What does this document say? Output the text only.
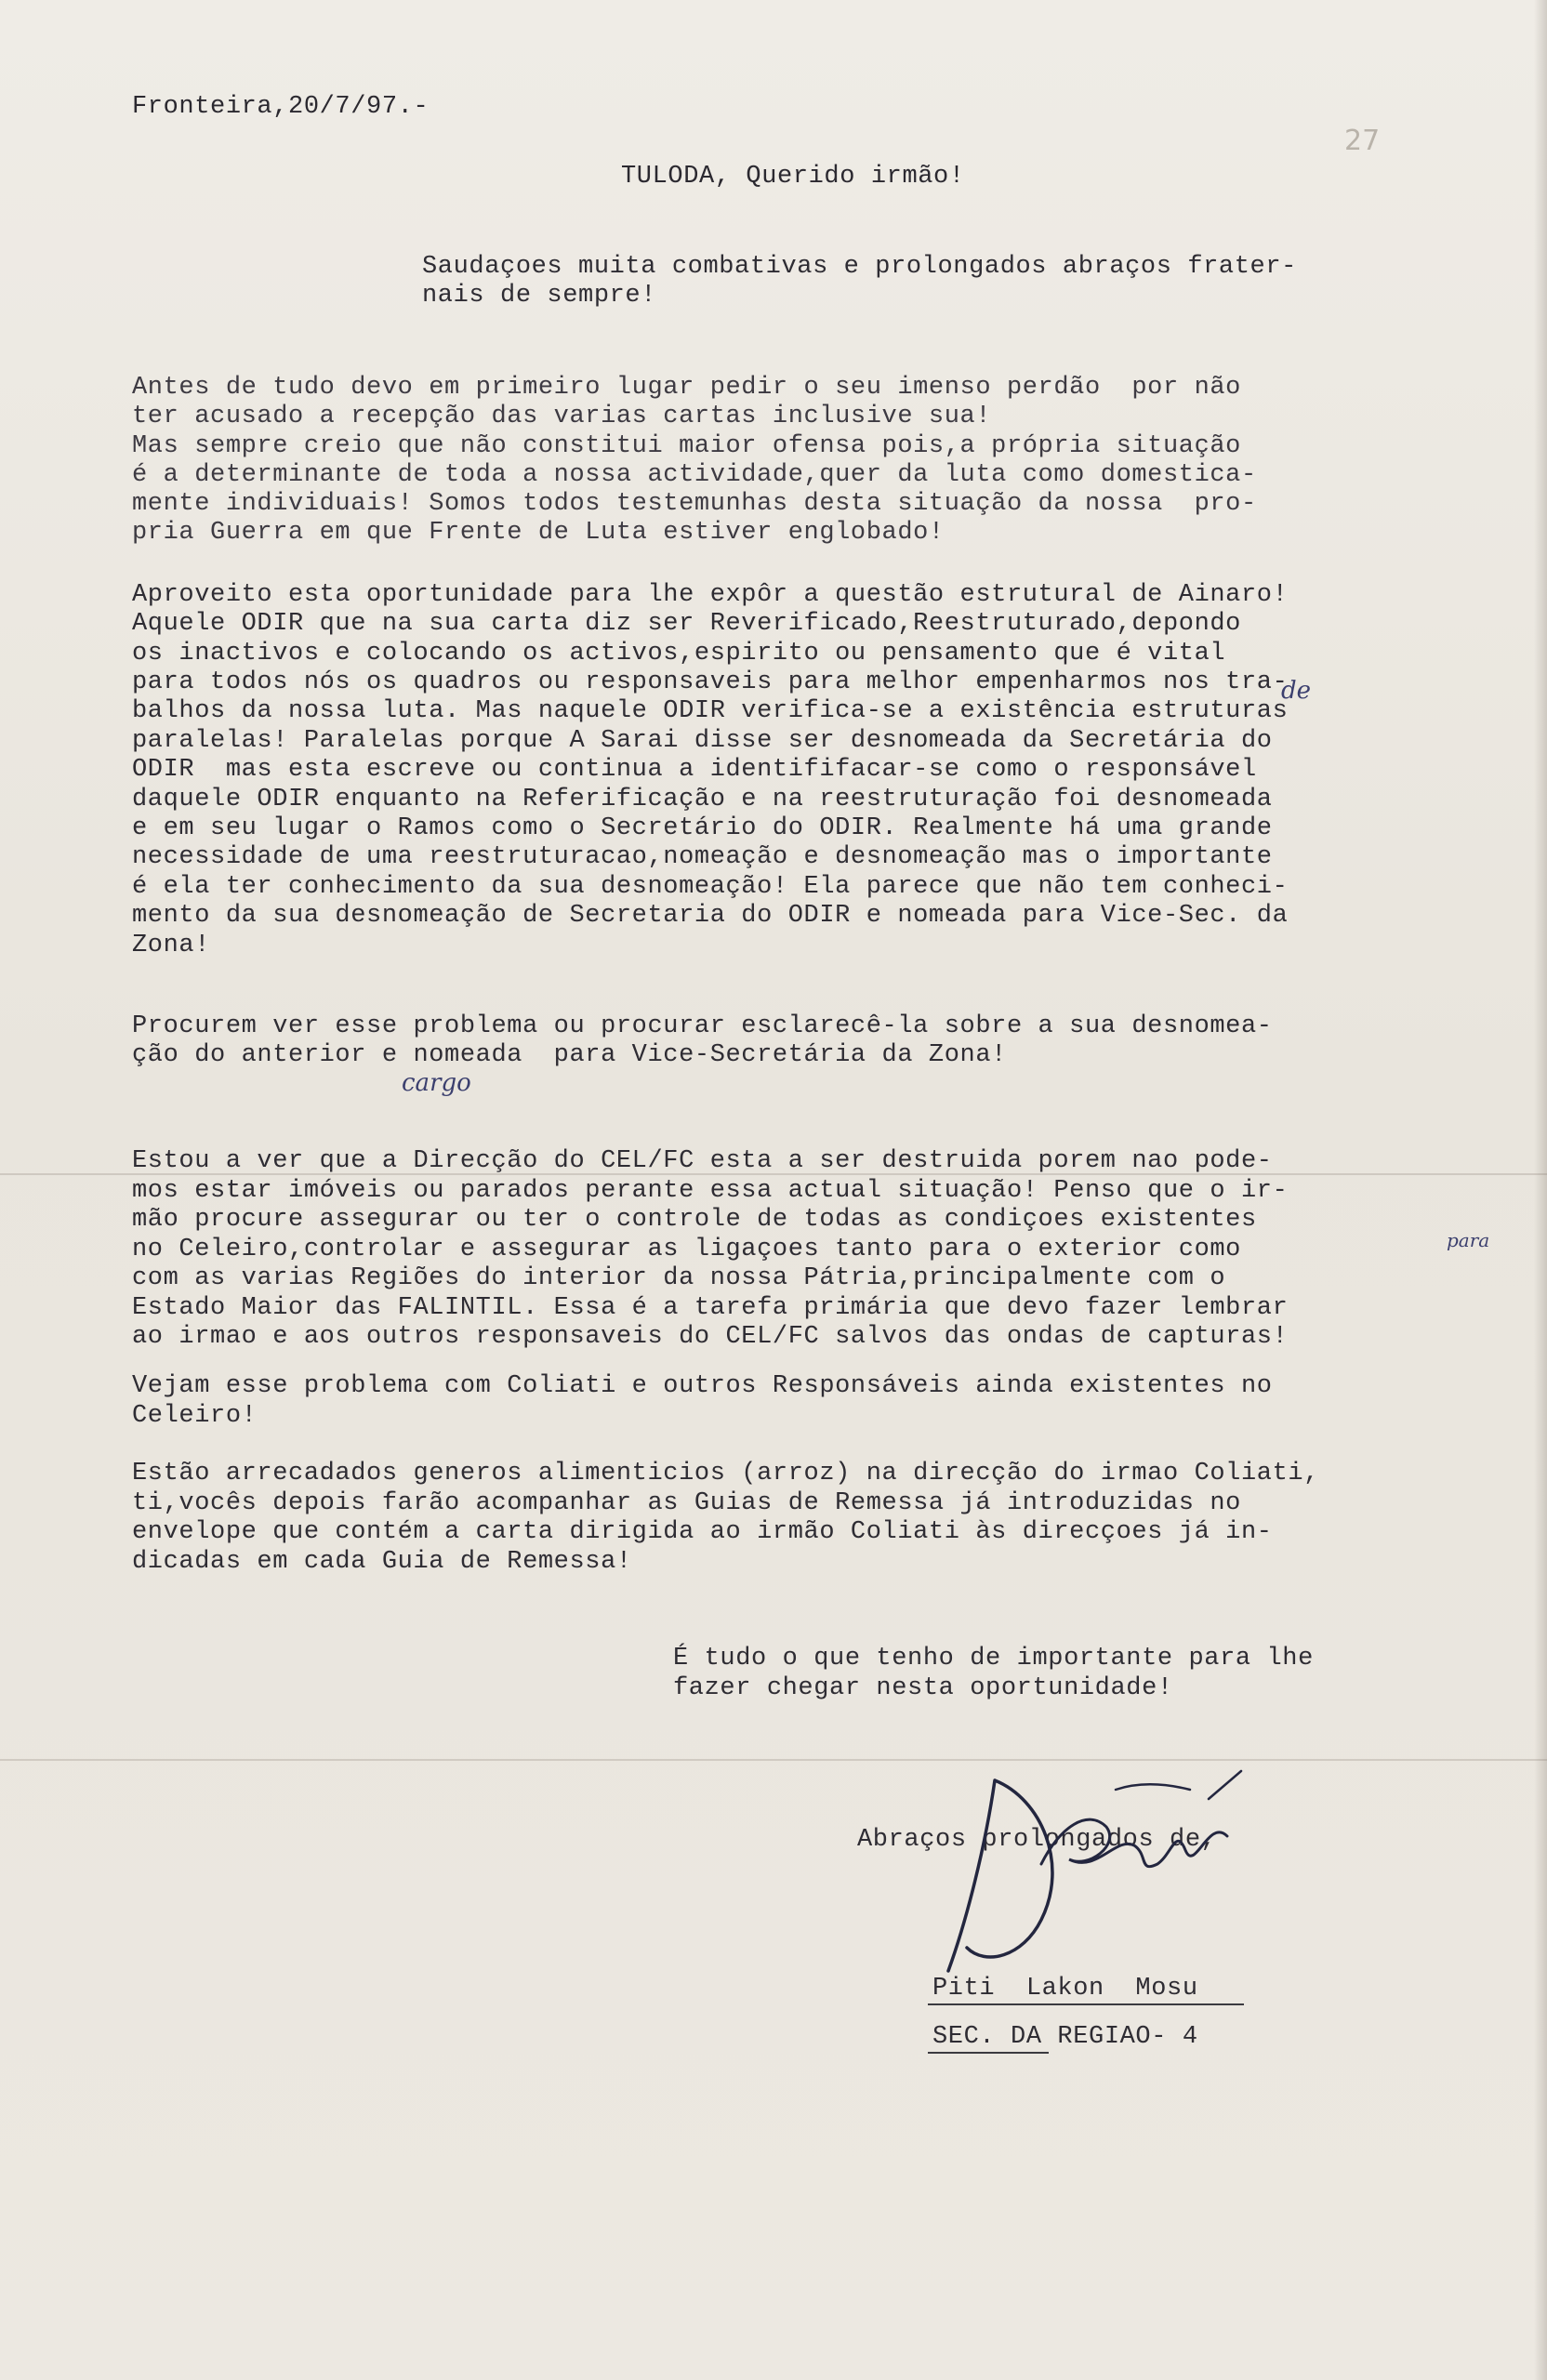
Fronteira,20/7/97.-
27
TULODA, Querido irmão!
Saudaçoes muita combativas e prolongados abraços frater-
nais de sempre!
Antes de tudo devo em primeiro lugar pedir o seu imenso perdão  por não
ter acusado a recepção das varias cartas inclusive sua!
Mas sempre creio que não constitui maior ofensa pois,a própria situação
é a determinante de toda a nossa actividade,quer da luta como domestica-
mente individuais! Somos todos testemunhas desta situação da nossa  pro-
pria Guerra em que Frente de Luta estiver englobado!
Aproveito esta oportunidade para lhe expôr a questão estrutural de Ainaro!
Aquele ODIR que na sua carta diz ser Reverificado,Reestruturado,depondo
os inactivos e colocando os activos,espirito ou pensamento que é vital
para todos nós os quadros ou responsaveis para melhor empenharmos nos tra-
balhos da nossa luta. Mas naquele ODIR verifica-se a existência estruturas
paralelas! Paralelas porque A Sarai disse ser desnomeada da Secretária do
ODIR  mas esta escreve ou continua a identififacar-se como o responsável
daquele ODIR enquanto na Referificação e na reestruturação foi desnomeada
e em seu lugar o Ramos como o Secretário do ODIR. Realmente há uma grande
necessidade de uma reestruturacao,nomeação e desnomeação mas o importante
é ela ter conhecimento da sua desnomeação! Ela parece que não tem conheci-
mento da sua desnomeação de Secretaria do ODIR e nomeada para Vice-Sec. da
Zona!
de
Procurem ver esse problema ou procurar esclarecê-la sobre a sua desnomea-
ção do anterior e nomeada  para Vice-Secretária da Zona!
cargo
Estou a ver que a Direcção do CEL/FC esta a ser destruida porem nao pode-
mos estar imóveis ou parados perante essa actual situação! Penso que o ir-
mão procure assegurar ou ter o controle de todas as condiçoes existentes
no Celeiro,controlar e assegurar as ligaçoes tanto para o exterior como
com as varias Regiões do interior da nossa Pátria,principalmente com o
Estado Maior das FALINTIL. Essa é a tarefa primária que devo fazer lembrar
ao irmao e aos outros responsaveis do CEL/FC salvos das ondas de capturas!
para
Vejam esse problema com Coliati e outros Responsáveis ainda existentes no
Celeiro!
Estão arrecadados generos alimenticios (arroz) na direcção do irmao Coliati,
ti,vocês depois farão acompanhar as Guias de Remessa já introduzidas no
envelope que contém a carta dirigida ao irmão Coliati às direcçoes já in-
dicadas em cada Guia de Remessa!
É tudo o que tenho de importante para lhe
fazer chegar nesta oportunidade!
Abraços prolongados de,
Piti  Lakon  Mosu
SEC. DA REGIAO- 4
